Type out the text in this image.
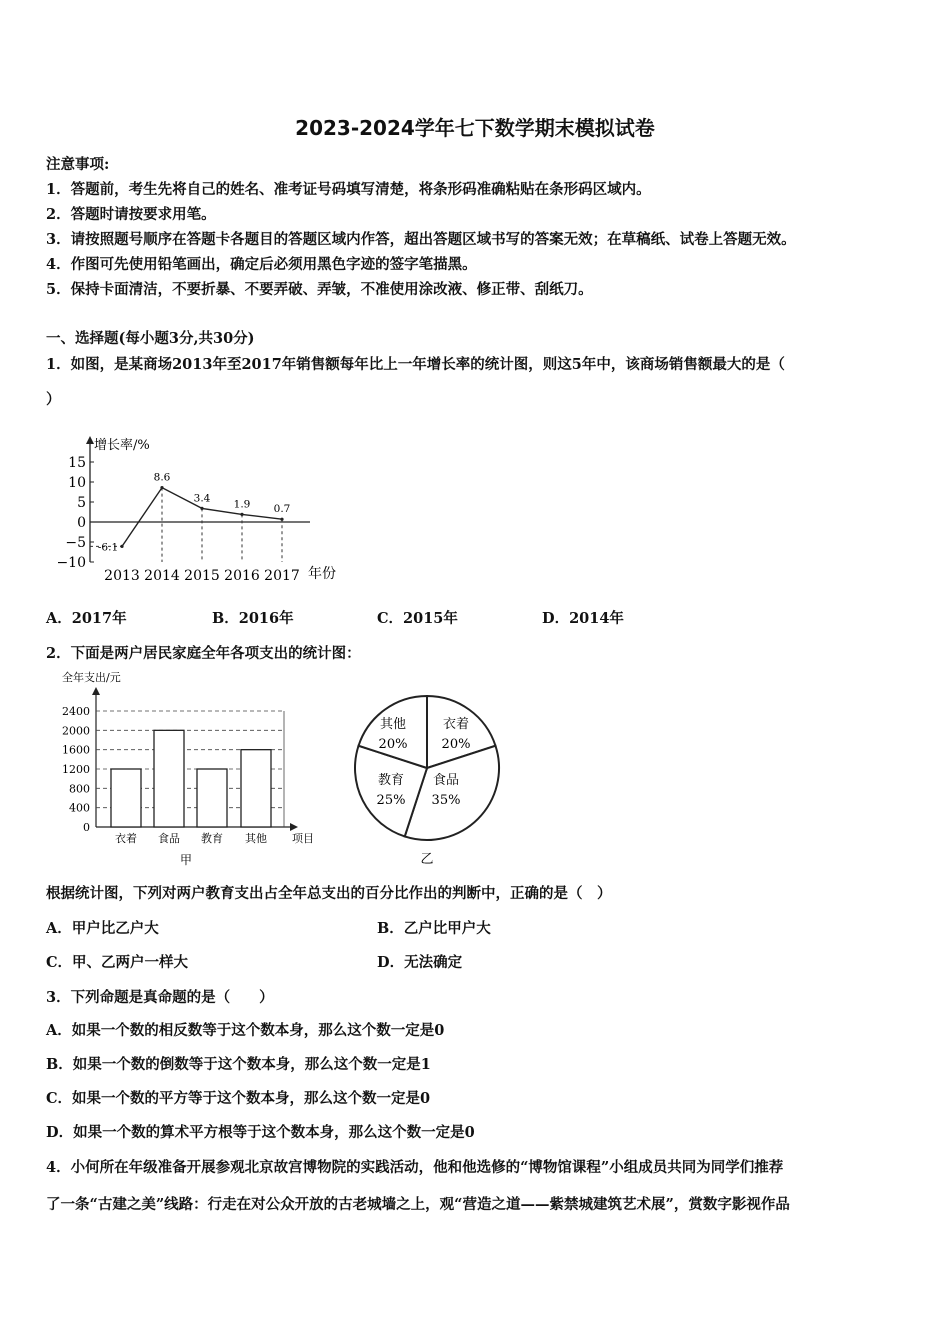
2023-2024学年七下数学期末模拟试卷
注意事项:
1．答题前，考生先将自己的姓名、准考证号码填写清楚，将条形码准确粘贴在条形码区域内。
2．答题时请按要求用笔。
3．请按照题号顺序在答题卡各题目的答题区域内作答，超出答题区域书写的答案无效；在草稿纸、试卷上答题无效。
4．作图可先使用铅笔画出，确定后必须用黑色字迹的签字笔描黑。
5．保持卡面清洁，不要折暴、不要弄破、弄皱，不准使用涂改液、修正带、刮纸刀。
一、选择题(每小题3分,共30分)
1．如图，是某商场2013年至2017年销售额每年比上一年增长率的统计图，则这5年中，该商场销售额最大的是（
）
增长率/%
15
10
5
0
−5
−10
2013 2014 2015 2016 2017 年份
-6.1
8.6
3.4 1.9 0.7
A．2017年	B．2016年	C．2015年	D．2014年
2．下面是两户居民家庭全年各项支出的统计图：
全年支出/元
0
400
800
1200
1600
2000
2400
衣着 食品 教育 其他 项目
甲
衣着
20%
食品
35%
教育
25%
其他
20%
乙
根据统计图，下列对两户教育支出占全年总支出的百分比作出的判断中，正确的是（　）
A．甲户比乙户大	B．乙户比甲户大
C．甲、乙两户一样大	D．无法确定
3．下列命题是真命题的是（　　）
A．如果一个数的相反数等于这个数本身，那么这个数一定是0
B．如果一个数的倒数等于这个数本身，那么这个数一定是1
C．如果一个数的平方等于这个数本身，那么这个数一定是0
D．如果一个数的算术平方根等于这个数本身，那么这个数一定是0
4．小何所在年级准备开展参观北京故宫博物院的实践活动，他和他选修的“博物馆课程”小组成员共同为同学们推荐
了一条“古建之美”线路：行走在对公众开放的古老城墙之上，观“营造之道——紫禁城建筑艺术展”，赏数字影视作品
